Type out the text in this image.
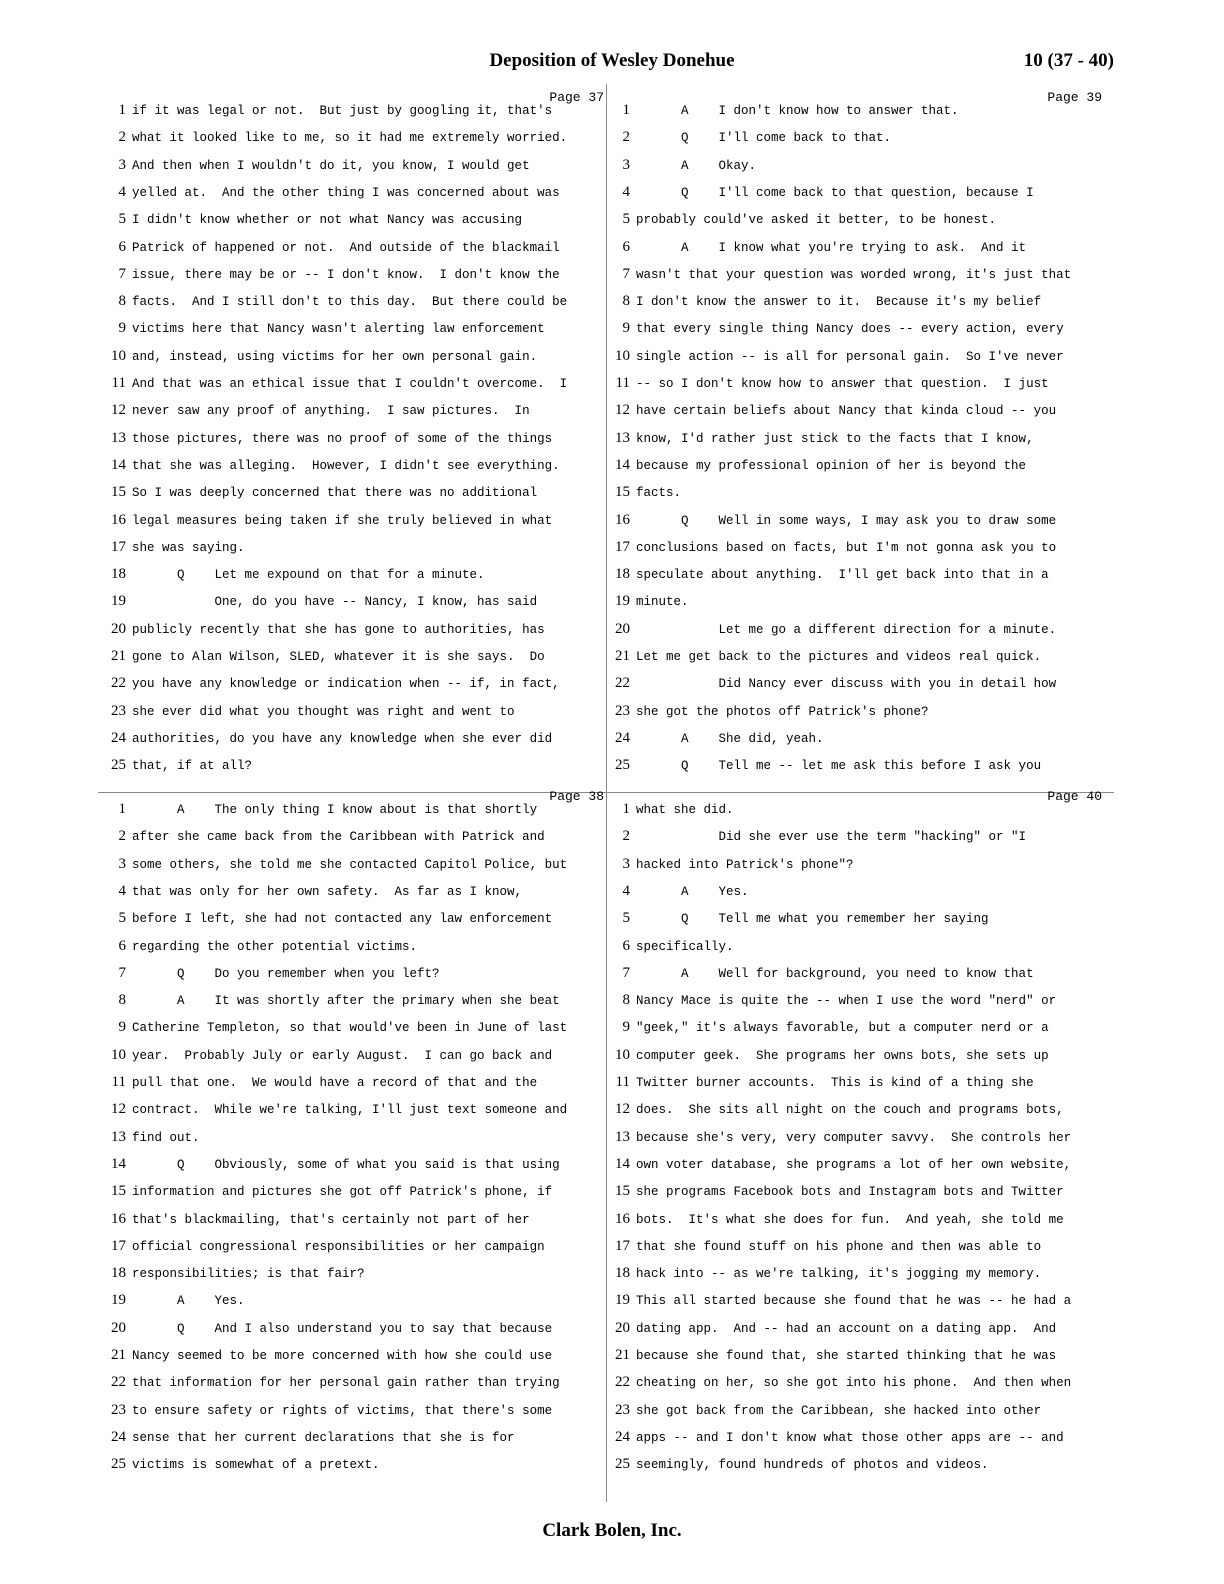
Deposition of Wesley Donehue	10 (37 - 40)
Page 37
1 if it was legal or not.  But just by googling it, that's
2 what it looked like to me, so it had me extremely worried.
3 And then when I wouldn't do it, you know, I would get
4 yelled at.  And the other thing I was concerned about was
5 I didn't know whether or not what Nancy was accusing
6 Patrick of happened or not.  And outside of the blackmail
7 issue, there may be or -- I don't know.  I don't know the
8 facts.  And I still don't to this day.  But there could be
9 victims here that Nancy wasn't alerting law enforcement
10 and, instead, using victims for her own personal gain.
11 And that was an ethical issue that I couldn't overcome.  I
12 never saw any proof of anything.  I saw pictures.  In
13 those pictures, there was no proof of some of the things
14 that she was alleging.  However, I didn't see everything.
15 So I was deeply concerned that there was no additional
16 legal measures being taken if she truly believed in what
17 she was saying.
18      Q    Let me expound on that for a minute.
19           One, do you have -- Nancy, I know, has said
20 publicly recently that she has gone to authorities, has
21 gone to Alan Wilson, SLED, whatever it is she says.  Do
22 you have any knowledge or indication when -- if, in fact,
23 she ever did what you thought was right and went to
24 authorities, do you have any knowledge when she ever did
25 that, if at all?
Page 39
1      A    I don't know how to answer that.
2      Q    I'll come back to that.
3      A    Okay.
4      Q    I'll come back to that question, because I
5 probably could've asked it better, to be honest.
6      A    I know what you're trying to ask.  And it
7 wasn't that your question was worded wrong, it's just that
8 I don't know the answer to it.  Because it's my belief
9 that every single thing Nancy does -- every action, every
10 single action -- is all for personal gain.  So I've never
11 -- so I don't know how to answer that question.  I just
12 have certain beliefs about Nancy that kinda cloud -- you
13 know, I'd rather just stick to the facts that I know,
14 because my professional opinion of her is beyond the
15 facts.
16      Q    Well in some ways, I may ask you to draw some
17 conclusions based on facts, but I'm not gonna ask you to
18 speculate about anything.  I'll get back into that in a
19 minute.
20           Let me go a different direction for a minute.
21 Let me get back to the pictures and videos real quick.
22           Did Nancy ever discuss with you in detail how
23 she got the photos off Patrick's phone?
24      A    She did, yeah.
25      Q    Tell me -- let me ask this before I ask you
Page 38
1      A    The only thing I know about is that shortly
2 after she came back from the Caribbean with Patrick and
3 some others, she told me she contacted Capitol Police, but
4 that was only for her own safety.  As far as I know,
5 before I left, she had not contacted any law enforcement
6 regarding the other potential victims.
7      Q    Do you remember when you left?
8      A    It was shortly after the primary when she beat
9 Catherine Templeton, so that would've been in June of last
10 year.  Probably July or early August.  I can go back and
11 pull that one.  We would have a record of that and the
12 contract.  While we're talking, I'll just text someone and
13 find out.
14      Q    Obviously, some of what you said is that using
15 information and pictures she got off Patrick's phone, if
16 that's blackmailing, that's certainly not part of her
17 official congressional responsibilities or her campaign
18 responsibilities; is that fair?
19      A    Yes.
20      Q    And I also understand you to say that because
21 Nancy seemed to be more concerned with how she could use
22 that information for her personal gain rather than trying
23 to ensure safety or rights of victims, that there's some
24 sense that her current declarations that she is for
25 victims is somewhat of a pretext.
Page 40
1 what she did.
2           Did she ever use the term "hacking" or "I
3 hacked into Patrick's phone"?
4      A    Yes.
5      Q    Tell me what you remember her saying
6 specifically.
7      A    Well for background, you need to know that
8 Nancy Mace is quite the -- when I use the word "nerd" or
9 "geek," it's always favorable, but a computer nerd or a
10 computer geek.  She programs her owns bots, she sets up
11 Twitter burner accounts.  This is kind of a thing she
12 does.  She sits all night on the couch and programs bots,
13 because she's very, very computer savvy.  She controls her
14 own voter database, she programs a lot of her own website,
15 she programs Facebook bots and Instagram bots and Twitter
16 bots.  It's what she does for fun.  And yeah, she told me
17 that she found stuff on his phone and then was able to
18 hack into -- as we're talking, it's jogging my memory.
19 This all started because she found that he was -- he had a
20 dating app.  And -- had an account on a dating app.  And
21 because she found that, she started thinking that he was
22 cheating on her, so she got into his phone.  And then when
23 she got back from the Caribbean, she hacked into other
24 apps -- and I don't know what those other apps are -- and
25 seemingly, found hundreds of photos and videos.
Clark Bolen, Inc.
